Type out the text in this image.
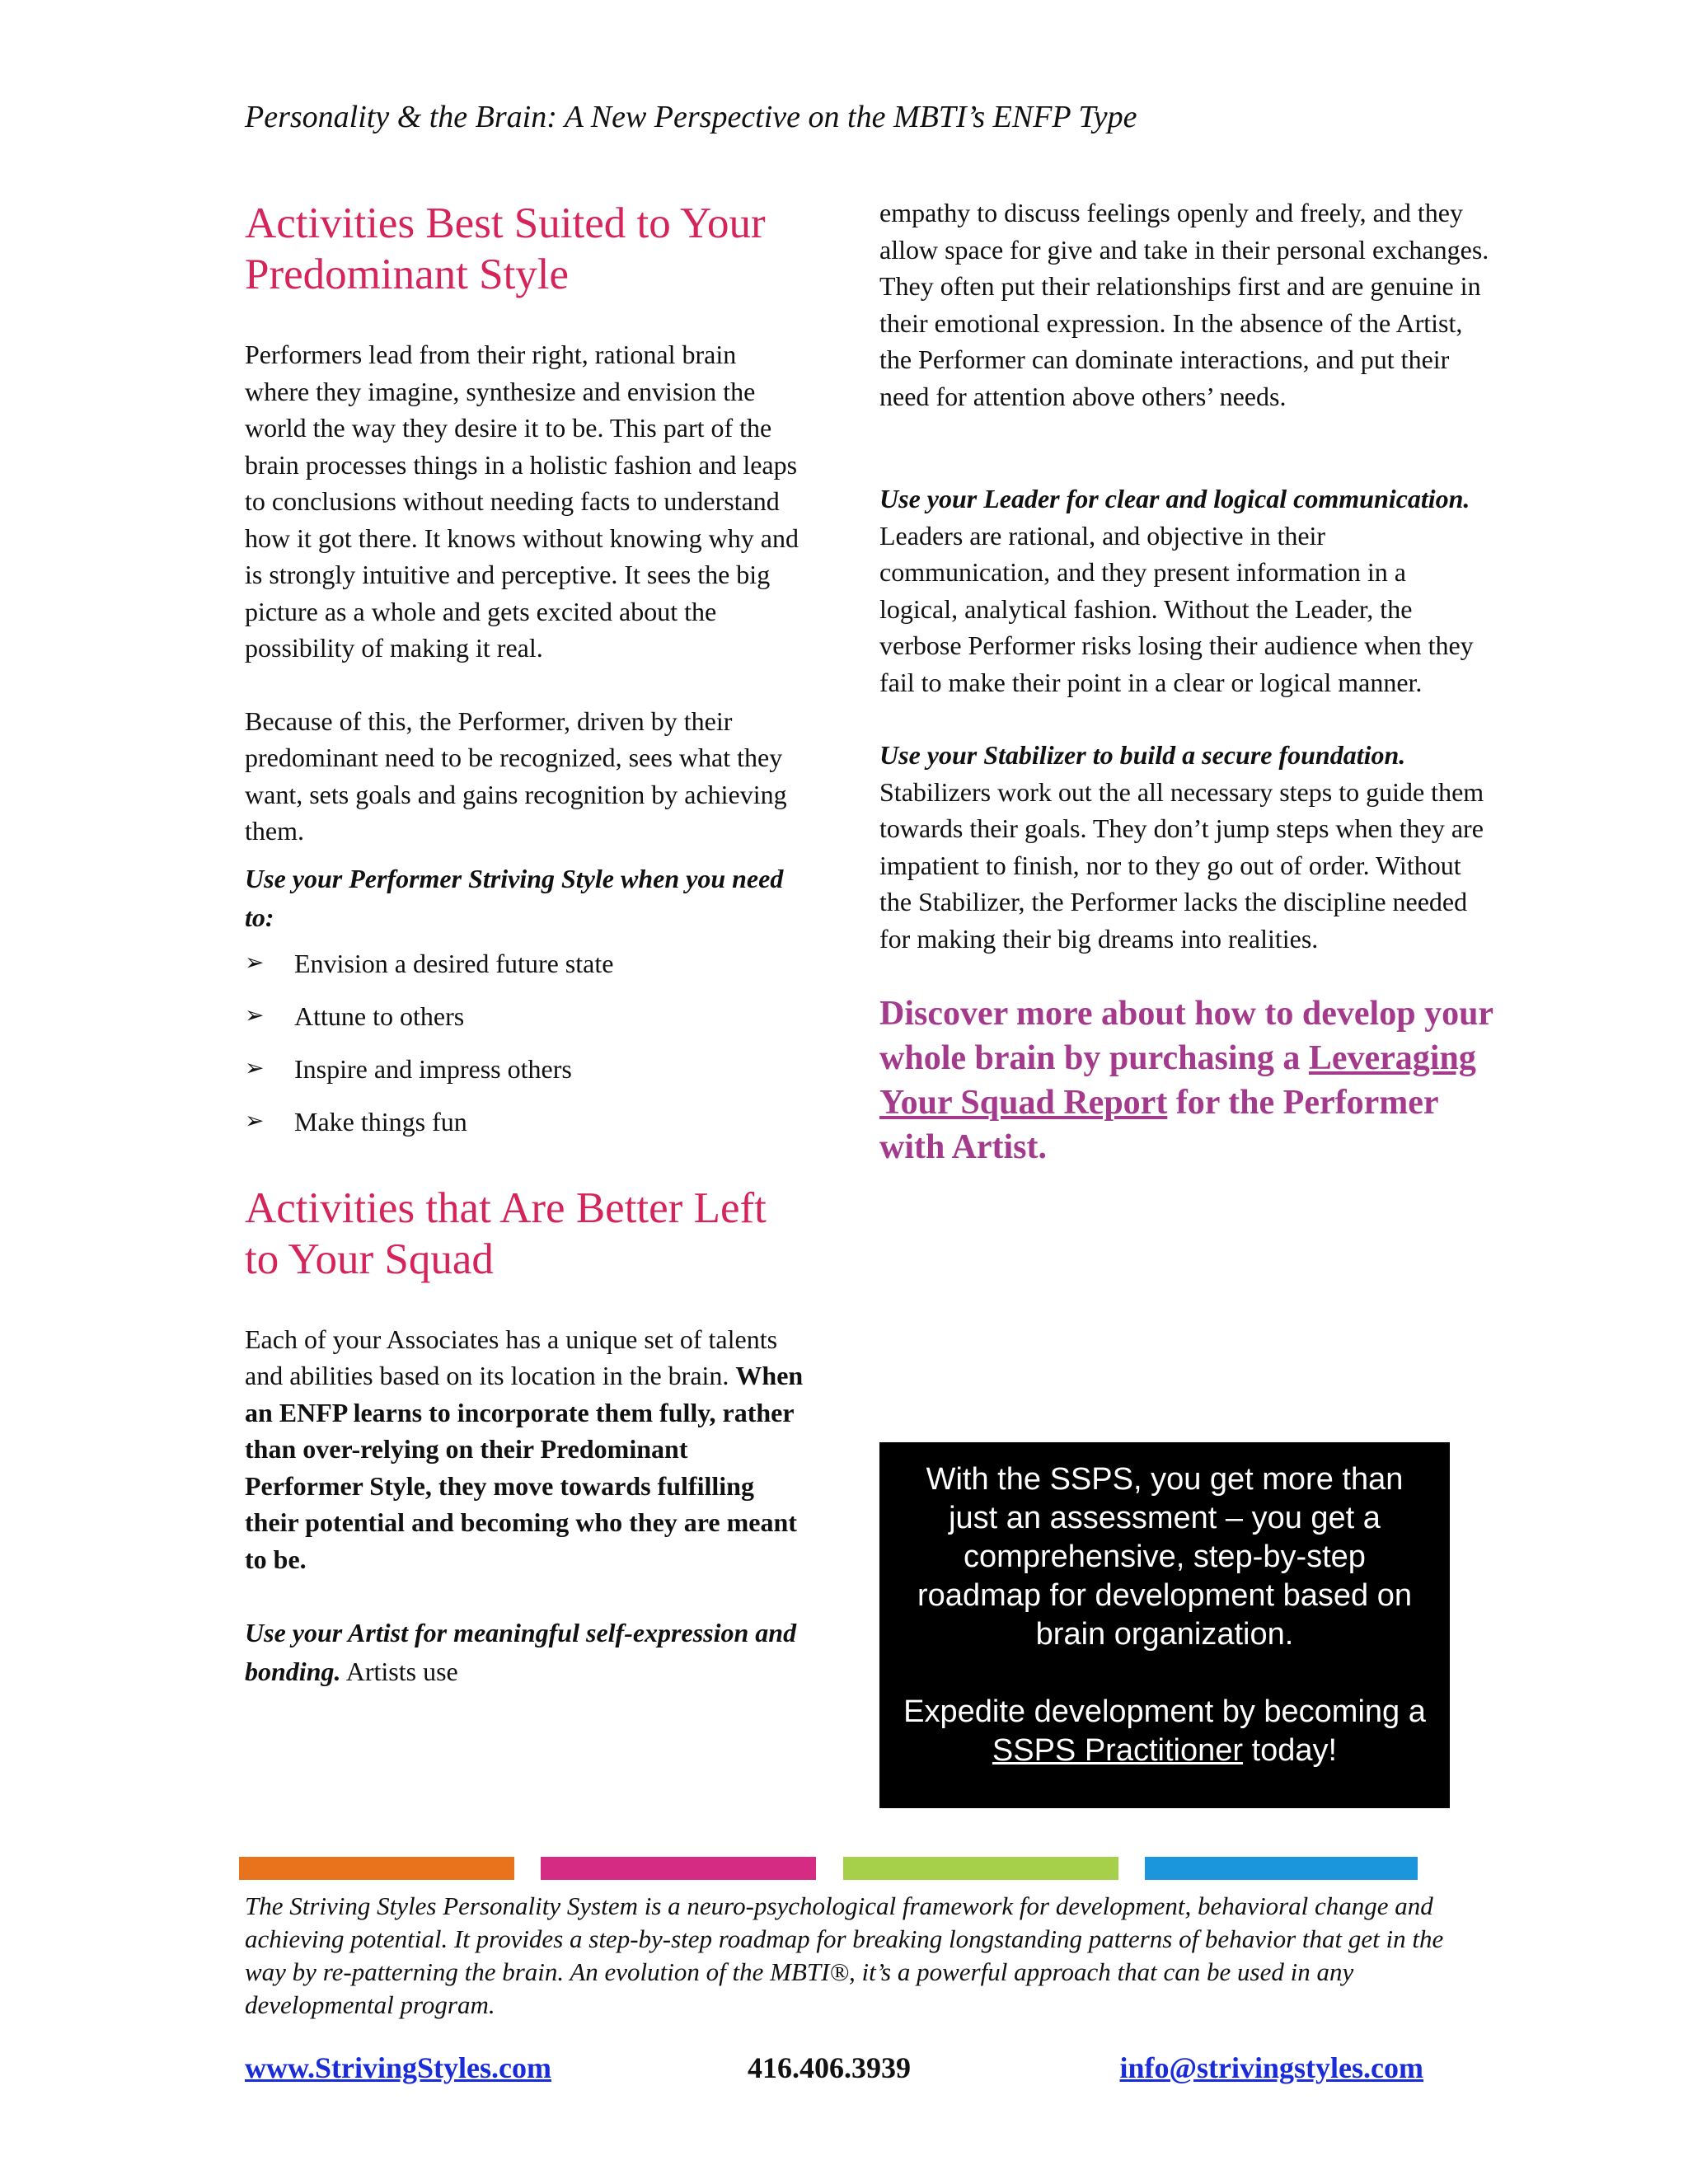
Personality & the Brain: A New Perspective on the MBTI’s ENFP Type
Activities Best Suited to Your Predominant Style

Performers lead from their right, rational brain where they imagine, synthesize and envision the world the way they desire it to be. This part of the brain processes things in a holistic fashion and leaps to conclusions without needing facts to understand how it got there. It knows without knowing why and is strongly intuitive and perceptive. It sees the big picture as a whole and gets excited about the possibility of making it real.

Because of this, the Performer, driven by their predominant need to be recognized, sees what they want, sets goals and gains recognition by achieving them.

Use your Performer Striving Style when you need to:

➢ Envision a desired future state
➢ Attune to others
➢ Inspire and impress others
➢ Make things fun
Activities that Are Better Left to Your Squad

Each of your Associates has a unique set of talents and abilities based on its location in the brain. When an ENFP learns to incorporate them fully, rather than over-relying on their Predominant Performer Style, they move towards fulfilling their potential and becoming who they are meant to be.

Use your Artist for meaningful self-expression and bonding. Artists use

empathy to discuss feelings openly and freely, and they allow space for give and take in their personal exchanges. They often put their relationships first and are genuine in their emotional expression. In the absence of the Artist, the Performer can dominate interactions, and put their need for attention above others’ needs.

Use your Leader for clear and logical communication. Leaders are rational, and objective in their communication, and they present information in a logical, analytical fashion. Without the Leader, the verbose Performer risks losing their audience when they fail to make their point in a clear or logical manner.

Use your Stabilizer to build a secure foundation. Stabilizers work out the all necessary steps to guide them towards their goals. They don’t jump steps when they are impatient to finish, nor to they go out of order. Without the Stabilizer, the Performer lacks the discipline needed for making their big dreams into realities.

Discover more about how to develop your whole brain by purchasing a Leveraging Your Squad Report for the Performer with Artist.

With the SSPS, you get more than just an assessment – you get a comprehensive, step-by-step roadmap for development based on brain organization.
Expedite development by becoming a SSPS Practitioner today!

The Striving Styles Personality System is a neuro-psychological framework for development, behavioral change and achieving potential. It provides a step-by-step roadmap for breaking longstanding patterns of behavior that get in the way by re-patterning the brain. An evolution of the MBTI®, it’s a powerful approach that can be used in any developmental program.

www.StrivingStyles.com	416.406.3939	info@strivingstyles.com
